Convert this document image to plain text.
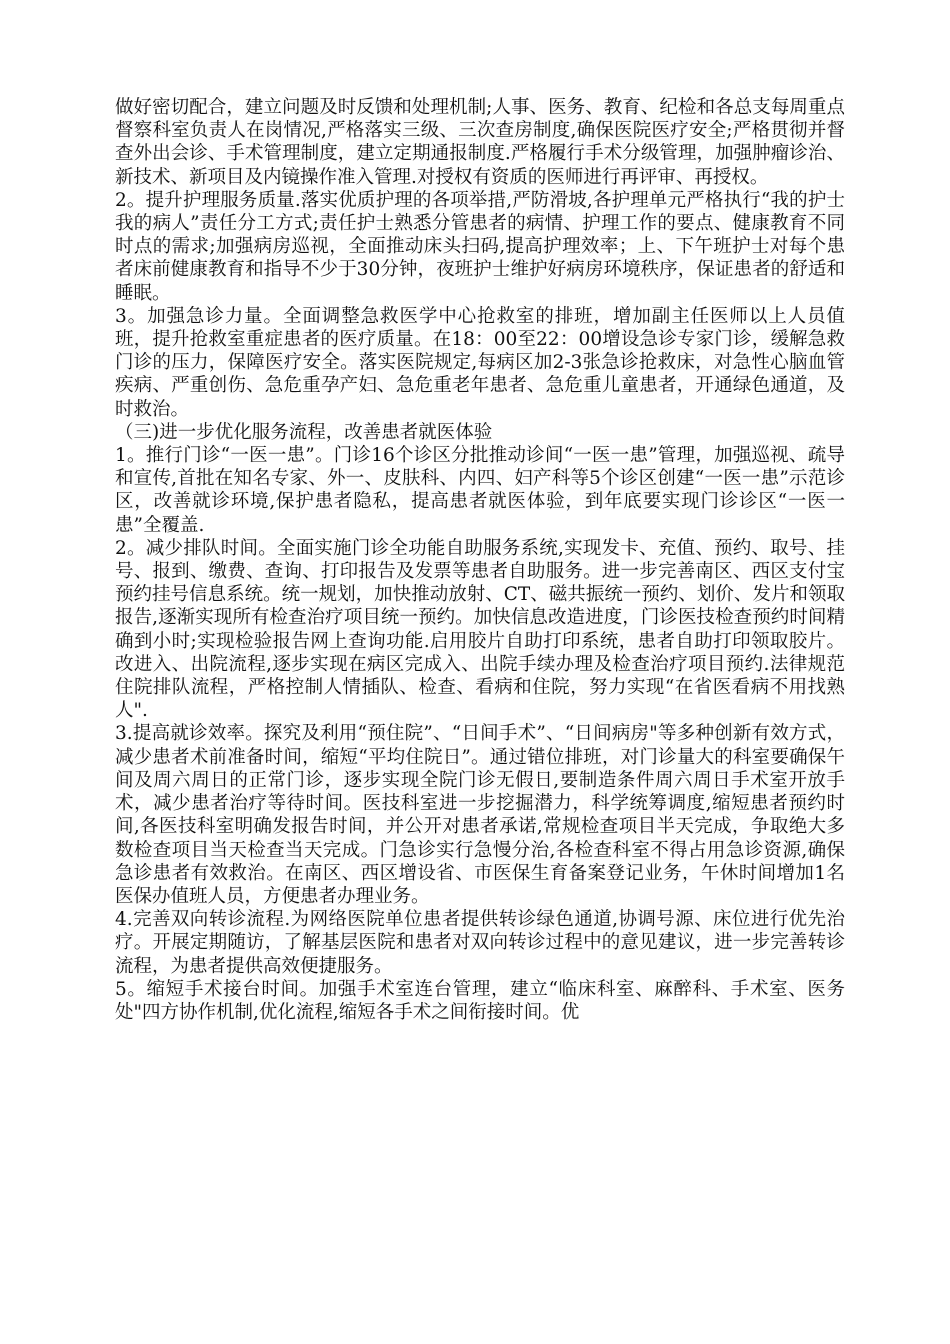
做好密切配合，建立问题及时反馈和处理机制;人事、医务、教育、纪检和各总支每周重点督察科室负责人在岗情况,严格落实三级、三次查房制度,确保医院医疗安全;严格贯彻并督查外出会诊、手术管理制度，建立定期通报制度.严格履行手术分级管理，加强肿瘤诊治、新技术、新项目及内镜操作准入管理.对授权有资质的医师进行再评审、再授权。

2。提升护理服务质量.落实优质护理的各项举措,严防滑坡,各护理单元严格执行“我的护士我的病人”责任分工方式;责任护士熟悉分管患者的病情、护理工作的要点、健康教育不同时点的需求;加强病房巡视，全面推动床头扫码,提高护理效率；上、下午班护士对每个患者床前健康教育和指导不少于30分钟，夜班护士维护好病房环境秩序，保证患者的舒适和睡眠。

3。加强急诊力量。全面调整急救医学中心抢救室的排班，增加副主任医师以上人员值班，提升抢救室重症患者的医疗质量。在18：00至22：00增设急诊专家门诊，缓解急救门诊的压力，保障医疗安全。落实医院规定,每病区加2-3张急诊抢救床，对急性心脑血管疾病、严重创伤、急危重孕产妇、急危重老年患者、急危重儿童患者，开通绿色通道，及时救治。

（三)进一步优化服务流程，改善患者就医体验

1。推行门诊“一医一患”。门诊16个诊区分批推动诊间“一医一患”管理，加强巡视、疏导和宣传,首批在知名专家、外一、皮肤科、内四、妇产科等5个诊区创建“一医一患”示范诊区，改善就诊环境,保护患者隐私，提高患者就医体验，到年底要实现门诊诊区“一医一患”全覆盖.

2。减少排队时间。全面实施门诊全功能自助服务系统,实现发卡、充值、预约、取号、挂号、报到、缴费、查询、打印报告及发票等患者自助服务。进一步完善南区、西区支付宝预约挂号信息系统。统一规划，加快推动放射、CT、磁共振统一预约、划价、发片和领取报告,逐渐实现所有检查治疗项目统一预约。加快信息改造进度，门诊医技检查预约时间精确到小时;实现检验报告网上查询功能.启用胶片自助打印系统，患者自助打印领取胶片。改进入、出院流程,逐步实现在病区完成入、出院手续办理及检查治疗项目预约.法律规范住院排队流程，严格控制人情插队、检查、看病和住院，努力实现“在省医看病不用找熟人".

3.提高就诊效率。探究及利用“预住院”、“日间手术”、“日间病房"等多种创新有效方式，减少患者术前准备时间，缩短“平均住院日”。通过错位排班，对门诊量大的科室要确保午间及周六周日的正常门诊，逐步实现全院门诊无假日,要制造条件周六周日手术室开放手术，减少患者治疗等待时间。医技科室进一步挖掘潜力，科学统筹调度,缩短患者预约时间,各医技科室明确发报告时间，并公开对患者承诺,常规检查项目半天完成，争取绝大多数检查项目当天检查当天完成。门急诊实行急慢分治,各检查科室不得占用急诊资源,确保急诊患者有效救治。在南区、西区增设省、市医保生育备案登记业务，午休时间增加1名医保办值班人员，方便患者办理业务。

4.完善双向转诊流程.为网络医院单位患者提供转诊绿色通道,协调号源、床位进行优先治疗。开展定期随访，了解基层医院和患者对双向转诊过程中的意见建议，进一步完善转诊流程，为患者提供高效便捷服务。

5。缩短手术接台时间。加强手术室连台管理，建立“临床科室、麻醉科、手术室、医务处"四方协作机制,优化流程,缩短各手术之间衔接时间。优
